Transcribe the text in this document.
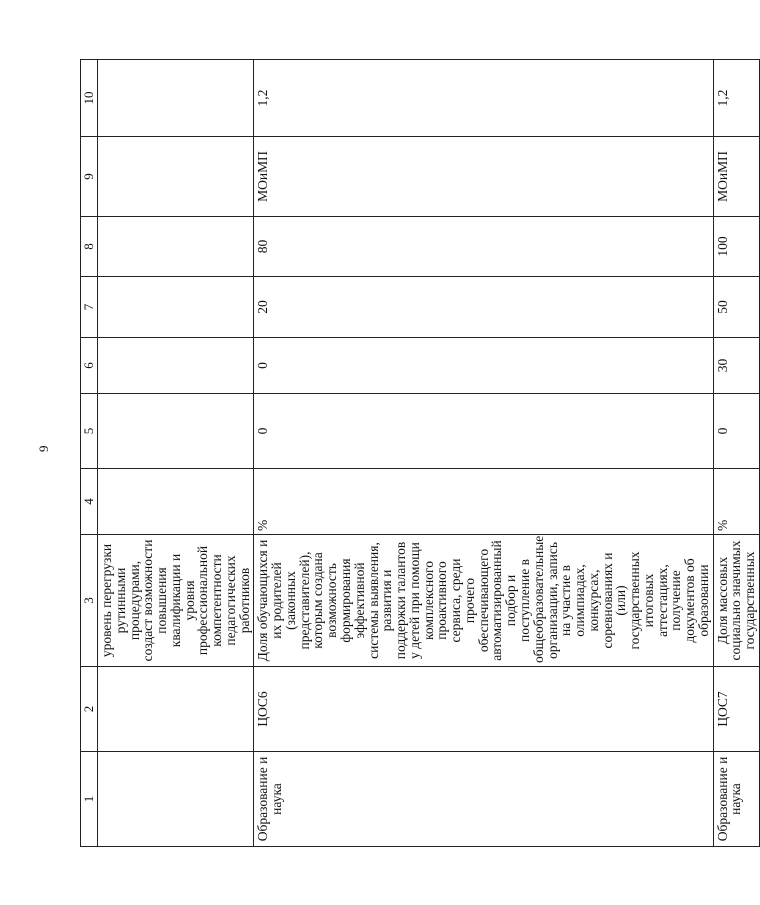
9
1	2	3	4	5	6	7	8	9	10
		уровень перегрузки рутинными процедурами, создаст возможности повышения квалификации и уровня профессиональной компетентности педагогических работников							
Образование и наука	ЦОС6	Доля обучающихся и их родителей (законных представителей), которым создана возможность формирования эффективной системы выявления, развития и поддержки талантов у детей при помощи комплексного проактивного сервиса, среди прочего обеспечивающего автоматизированный подбор и поступление в общеобразовательные организации, запись на участие в олимпиадах, конкурсах, соревнованиях и (или) государственных итоговых аттестациях, получение документов об образовании	%	0	0	20	80	МОиМП	1,2
Образование и наука	ЦОС7	Доля массовых социально значимых государственных	%	0	30	50	100	МОиМП	1,2
